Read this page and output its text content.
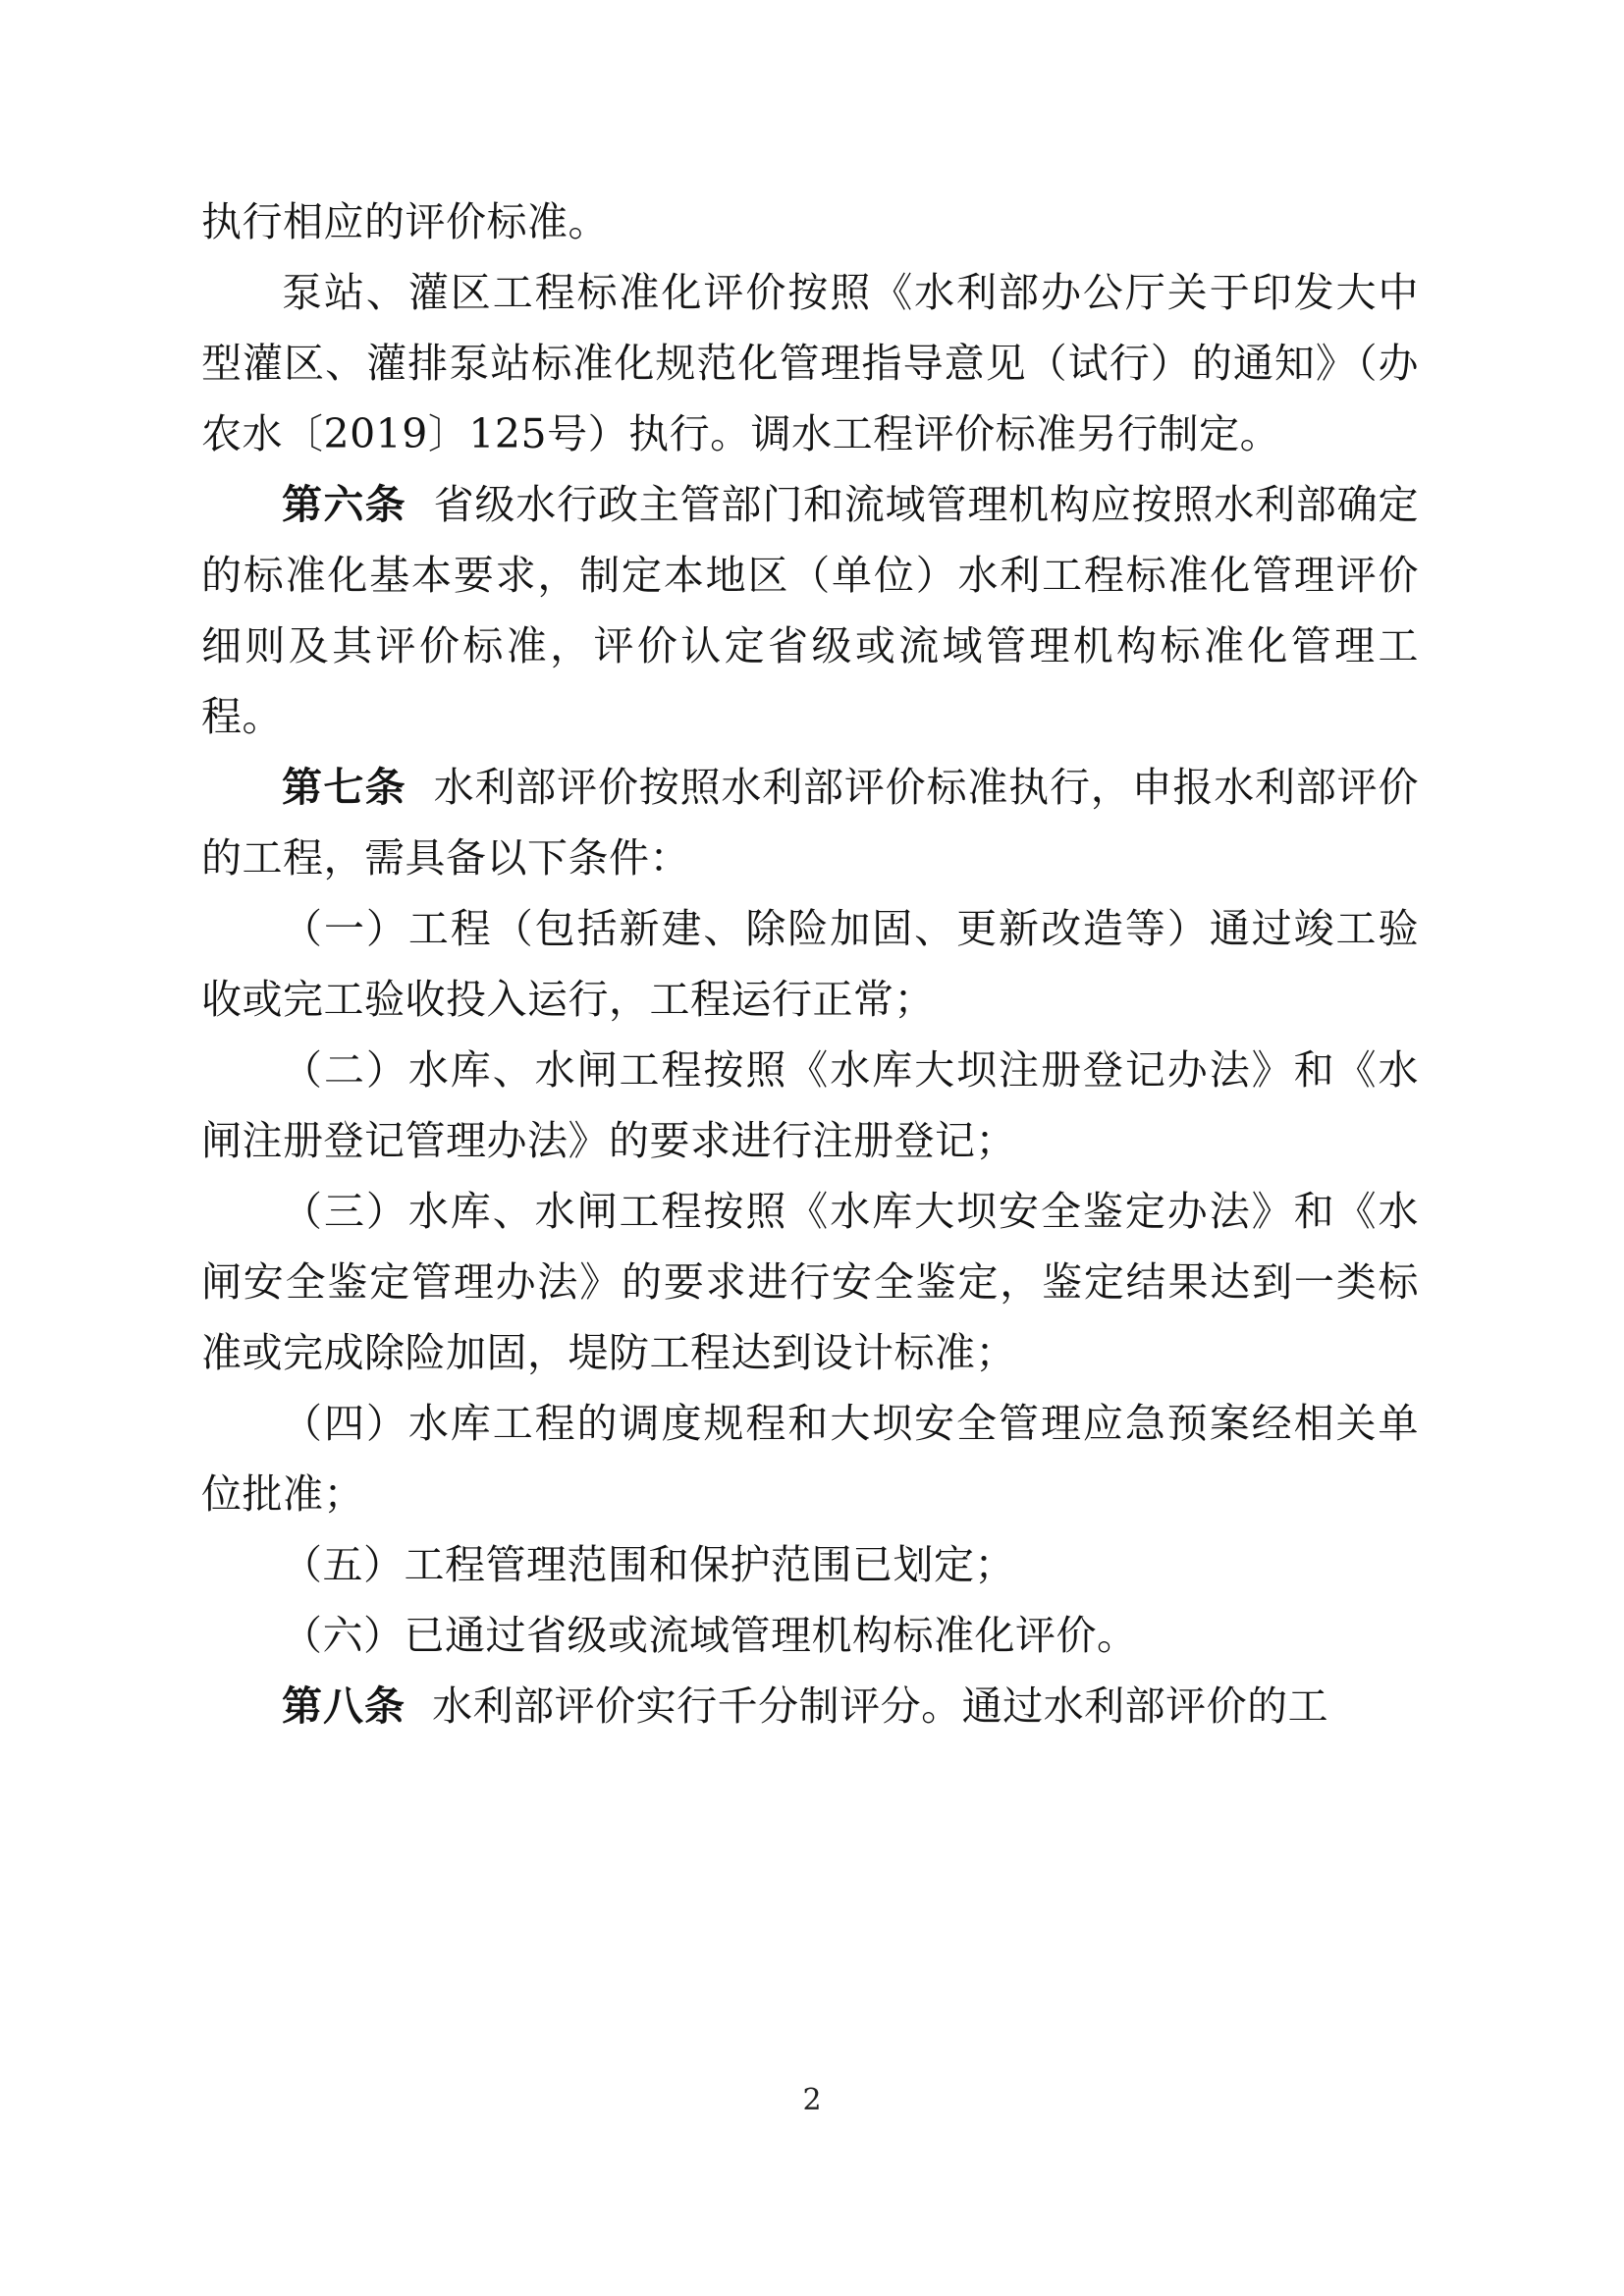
执行相应的评价标准。

泵站、灌区工程标准化评价按照《水利部办公厅关于印发大中型灌区、灌排泵站标准化规范化管理指导意见（试行）的通知》（办农水〔2019〕125号）执行。调水工程评价标准另行制定。

第六条 省级水行政主管部门和流域管理机构应按照水利部确定的标准化基本要求，制定本地区（单位）水利工程标准化管理评价细则及其评价标准，评价认定省级或流域管理机构标准化管理工程。

第七条 水利部评价按照水利部评价标准执行，申报水利部评价的工程，需具备以下条件：

（一）工程（包括新建、除险加固、更新改造等）通过竣工验收或完工验收投入运行，工程运行正常；

（二）水库、水闸工程按照《水库大坝注册登记办法》和《水闸注册登记管理办法》的要求进行注册登记；

（三）水库、水闸工程按照《水库大坝安全鉴定办法》和《水闸安全鉴定管理办法》的要求进行安全鉴定，鉴定结果达到一类标准或完成除险加固，堤防工程达到设计标准；

（四）水库工程的调度规程和大坝安全管理应急预案经相关单位批准；

（五）工程管理范围和保护范围已划定；

（六）已通过省级或流域管理机构标准化评价。

第八条 水利部评价实行千分制评分。通过水利部评价的工

2
